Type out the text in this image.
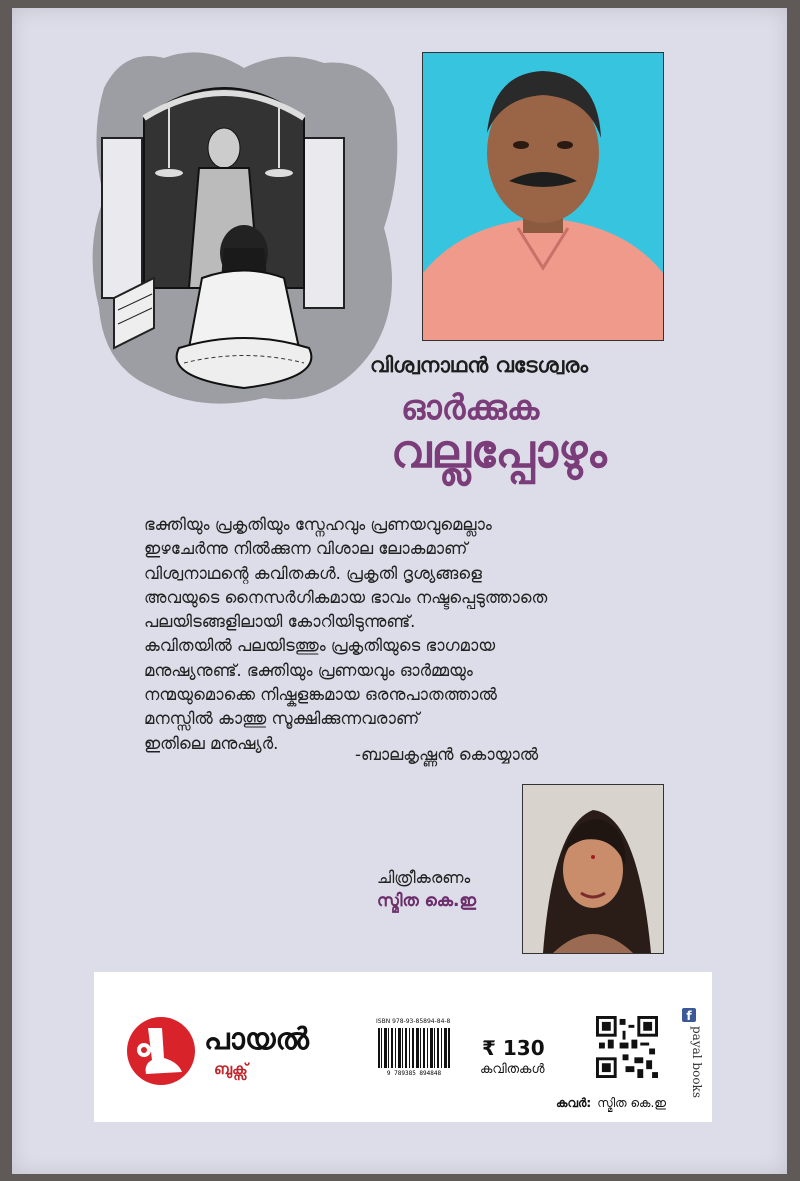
വിശ്വനാഥൻ വടേശ്വരം
ഓർക്കുക
വല്ലപ്പോഴും
ഭക്തിയും പ്രകൃതിയും സ്നേഹവും പ്രണയവുമെല്ലാം
ഇഴചേർന്നു നിൽക്കുന്ന വിശാല ലോകമാണ്
വിശ്വനാഥന്റെ കവിതകൾ. പ്രകൃതി ദൃശ്യങ്ങളെ
അവയുടെ നൈസർഗികമായ ഭാവം നഷ്ടപ്പെടുത്താതെ
പലയിടങ്ങളിലായി കോറിയിടുന്നുണ്ട്.
കവിതയിൽ പലയിടത്തും പ്രകൃതിയുടെ ഭാഗമായ
മനുഷ്യനുണ്ട്. ഭക്തിയും പ്രണയവും ഓർമ്മയും
നന്മയുമൊക്കെ നിഷ്കളങ്കമായ ഒരനുപാതത്താൽ
മനസ്സിൽ കാത്തു സൂക്ഷിക്കുന്നവരാണ്
ഇതിലെ മനുഷ്യർ.
-ബാലകൃഷ്ണൻ കൊയ്യാൽ
ചിത്രീകരണം
സ്മിത കെ.ഇ
പായൽ
ബുക്സ്
ISBN 978-93-85894-84-8
9 789385 894848
₹ 130
കവിതകൾ
f
payal books
കവർ: സ്മിത കെ.ഇ
